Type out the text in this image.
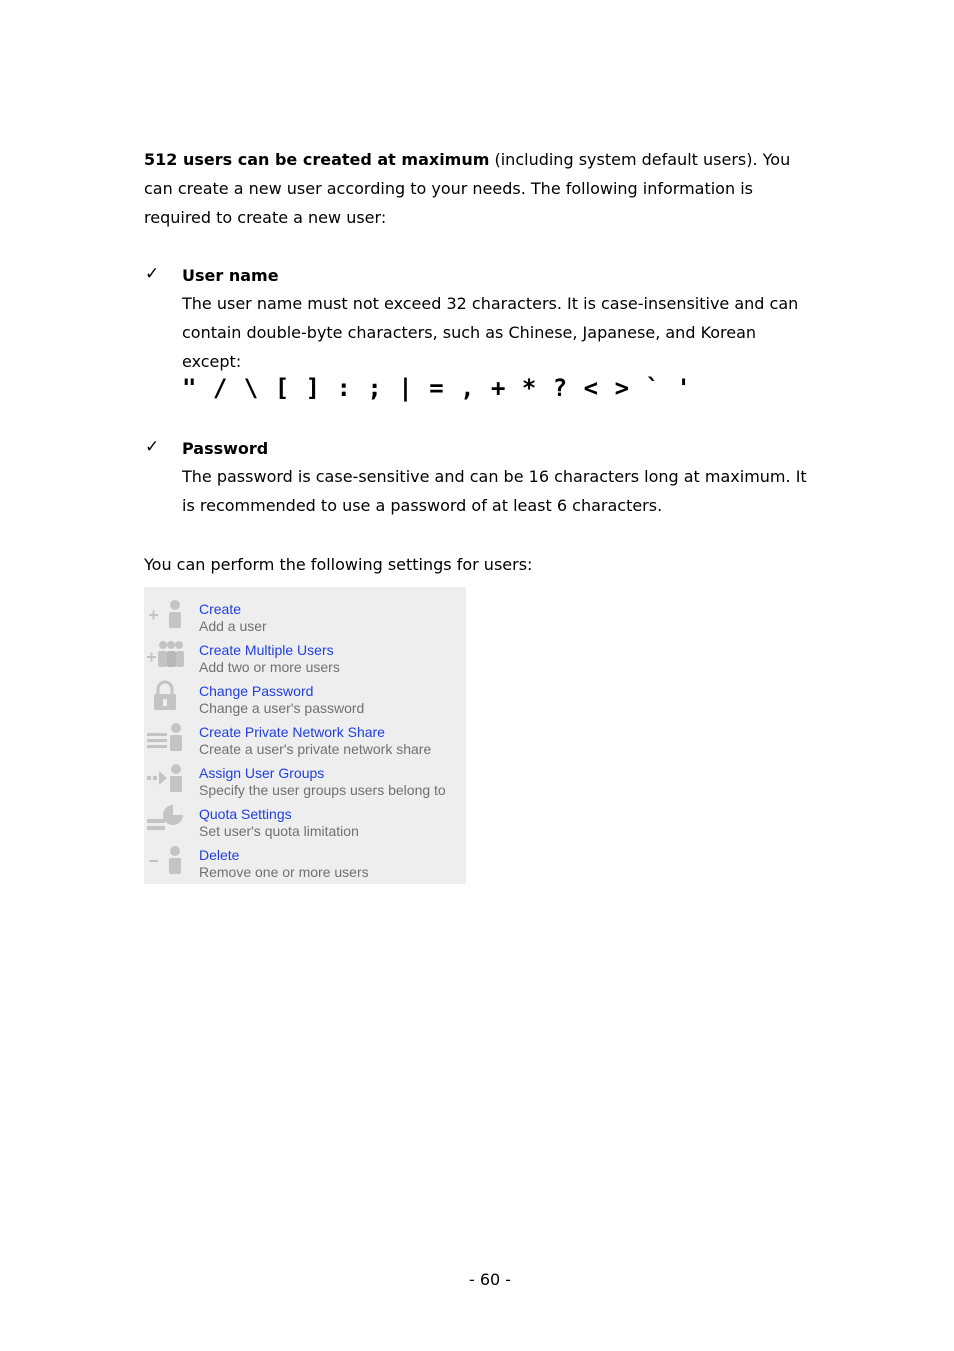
512 users can be created at maximum (including system default users). You can create a new user according to your needs. The following information is required to create a new user:
✓ User name
The user name must not exceed 32 characters. It is case-insensitive and can contain double-byte characters, such as Chinese, Japanese, and Korean except:
" / \ [ ] : ; | = , + * ? < > ` '
✓ Password
The password is case-sensitive and can be 16 characters long at maximum. It is recommended to use a password of at least 6 characters.
You can perform the following settings for users:
Create
Add a user
Create Multiple Users
Add two or more users
Change Password
Change a user's password
Create Private Network Share
Create a user's private network share
Assign User Groups
Specify the user groups users belong to
Quota Settings
Set user's quota limitation
Delete
Remove one or more users
- 60 -
